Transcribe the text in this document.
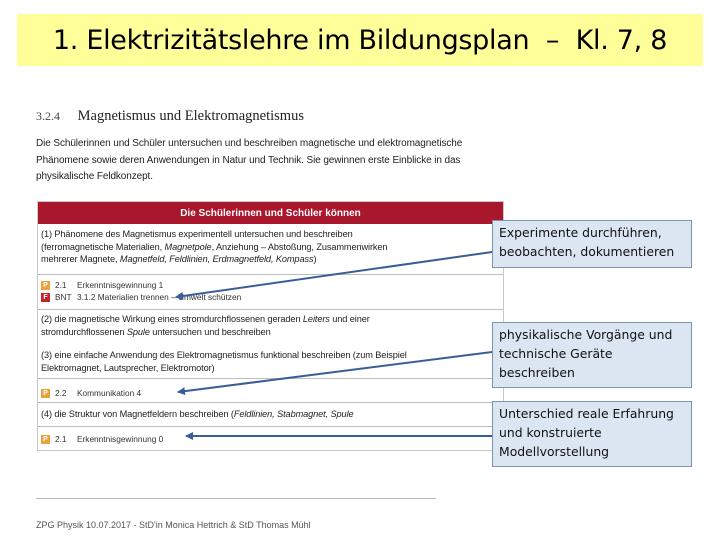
1. Elektrizitätslehre im Bildungsplan  –  Kl. 7, 8
3.2.4 Magnetismus und Elektromagnetismus
Die Schülerinnen und Schüler untersuchen und beschreiben magnetische und elektromagnetische
Phänomene sowie deren Anwendungen in Natur und Technik. Sie gewinnen erste Einblicke in das
physikalische Feldkonzept.
Die Schülerinnen und Schüler können
(1) Phänomene des Magnetismus experimentell untersuchen und beschreiben
(ferromagnetische Materialien, Magnetpole, Anziehung – Abstoßung, Zusammenwirken
mehrerer Magnete, Magnetfeld, Feldlinien, Erdmagnetfeld, Kompass)
P 2.1	Erkenntnisgewinnung 1
F BNT 3.1.2 Materialien trennen – Umwelt schützen
(2) die magnetische Wirkung eines stromdurchflossenen geraden Leiters und einer
stromdurchflossenen Spule untersuchen und beschreiben
(3) eine einfache Anwendung des Elektromagnetismus funktional beschreiben (zum Beispiel
Elektromagnet, Lautsprecher, Elektromotor)
P 2.2	Kommunikation 4
(4) die Struktur von Magnetfeldern beschreiben (Feldlinien, Stabmagnet, Spule
P 2.1	Erkenntnisgewinnung 0
Experimente durchführen, beobachten, dokumentieren
physikalische Vorgänge und technische Geräte beschreiben
Unterschied reale Erfahrung und konstruierte Modellvorstellung
ZPG Physik 10.07.2017 - StD'in Monica Hettrich & StD Thomas Mühl
